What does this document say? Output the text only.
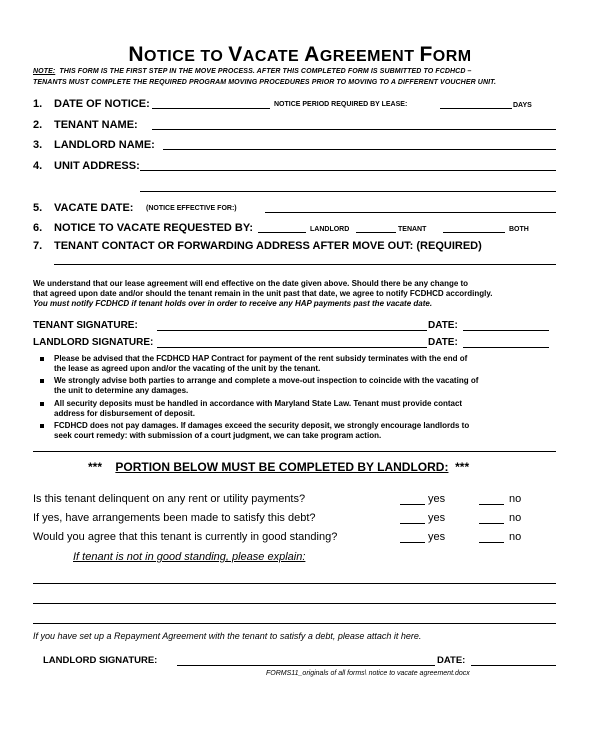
NOTICE TO VACATE AGREEMENT FORM
NOTE: THIS FORM IS THE FIRST STEP IN THE MOVE PROCESS. AFTER THIS COMPLETED FORM IS SUBMITTED TO FCDHCD –
TENANTS MUST COMPLETE THE REQUIRED PROGRAM MOVING PROCEDURES PRIOR TO MOVING TO A DIFFERENT VOUCHER UNIT.
1. DATE OF NOTICE:	NOTICE PERIOD REQUIRED BY LEASE:	DAYS
2. TENANT NAME:
3. LANDLORD NAME:
4. UNIT ADDRESS:
5. VACATE DATE: (NOTICE EFFECTIVE FOR:)
6. NOTICE TO VACATE REQUESTED BY:	LANDLORD	TENANT	BOTH
7. TENANT CONTACT OR FORWARDING ADDRESS AFTER MOVE OUT: (REQUIRED)
We understand that our lease agreement will end effective on the date given above. Should there be any change to
that agreed upon date and/or should the tenant remain in the unit past that date, we agree to notify FCDHCD accordingly.
You must notify FCDHCD if tenant holds over in order to receive any HAP payments past the vacate date.
TENANT SIGNATURE:	DATE:
LANDLORD SIGNATURE:	DATE:
Please be advised that the FCDHCD HAP Contract for payment of the rent subsidy terminates with the end of
the lease as agreed upon and/or the vacating of the unit by the tenant.
We strongly advise both parties to arrange and complete a move-out inspection to coincide with the vacating of
the unit to determine any damages.
All security deposits must be handled in accordance with Maryland State Law. Tenant must provide contact
address for disbursement of deposit.
FCDHCD does not pay damages. If damages exceed the security deposit, we strongly encourage landlords to
seek court remedy: with submission of a court judgment, we can take program action.
*** PORTION BELOW MUST BE COMPLETED BY LANDLORD: ***
Is this tenant delinquent on any rent or utility payments?	yes	no
If yes, have arrangements been made to satisfy this debt?	yes	no
Would you agree that this tenant is currently in good standing?	yes	no
If tenant is not in good standing, please explain:
If you have set up a Repayment Agreement with the tenant to satisfy a debt, please attach it here.
LANDLORD SIGNATURE:	DATE:
FORMS11_originals of all forms\ notice to vacate agreement.docx
